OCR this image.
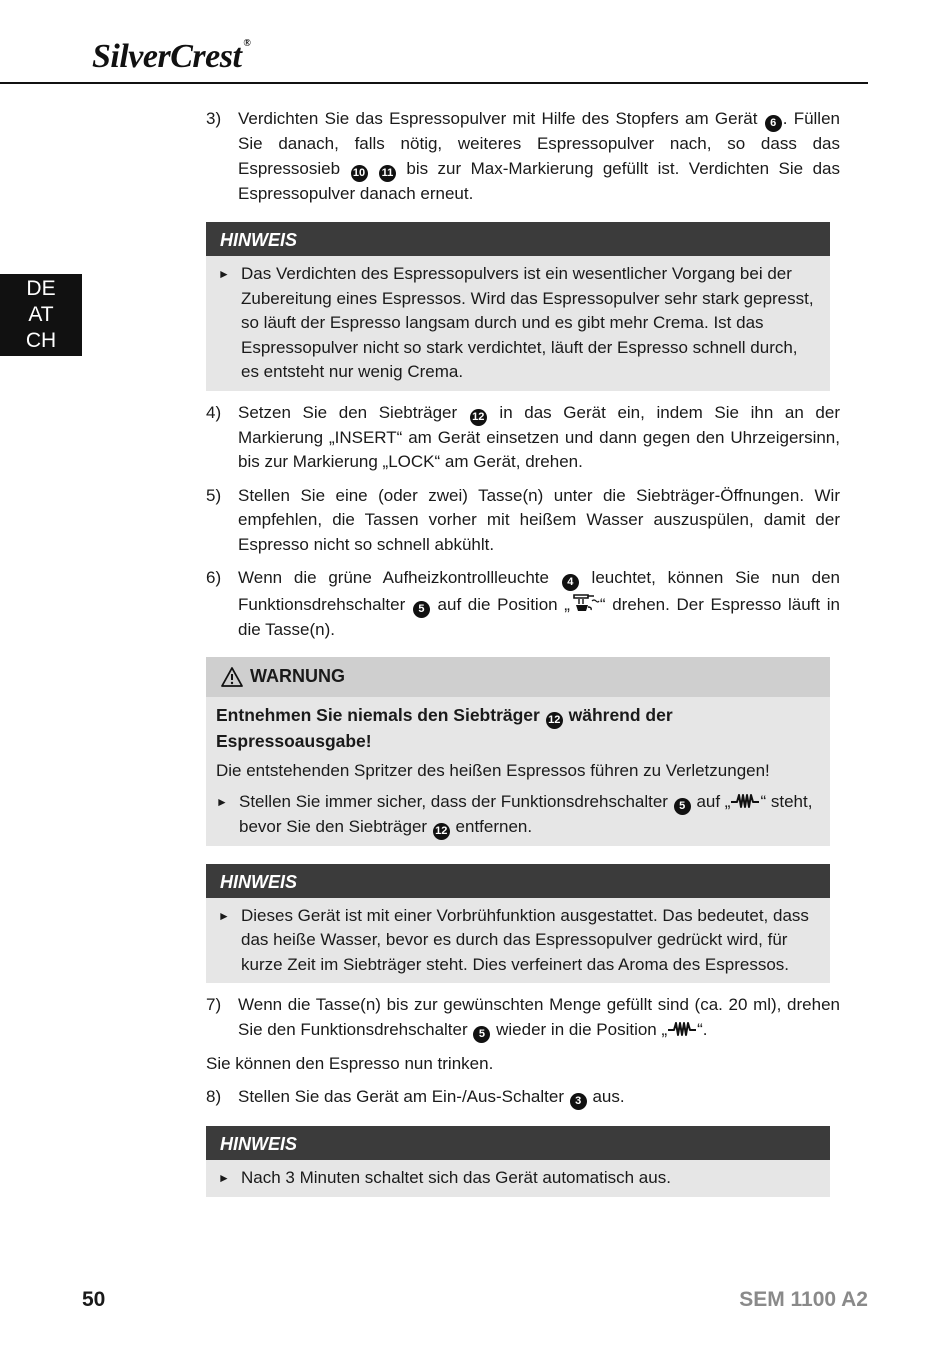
SilverCrest ®
DE
AT
CH
3) Verdichten Sie das Espressopulver mit Hilfe des Stopfers am Gerät 6 . Füllen Sie danach, falls nötig, weiteres Espressopulver nach, so dass das Espressosieb 10 11 bis zur Max-Markierung gefüllt ist. Verdichten Sie das Espressopulver danach erneut.
HINWEIS
► Das Verdichten des Espressopulvers ist ein wesentlicher Vorgang bei der Zubereitung eines Espressos. Wird das Espressopulver sehr stark gepresst, so läuft der Espresso langsam durch und es gibt mehr Crema. Ist das Espressopulver nicht so stark verdichtet, läuft der Espresso schnell durch, es entsteht nur wenig Crema.
4) Setzen Sie den Siebträger 12 in das Gerät ein, indem Sie ihn an der Markierung „INSERT“ am Gerät einsetzen und dann gegen den Uhrzeigersinn, bis zur Markierung „LOCK“ am Gerät, drehen.
5) Stellen Sie eine (oder zwei) Tasse(n) unter die Siebträger-Öffnungen. Wir empfehlen, die Tassen vorher mit heißem Wasser auszuspülen, damit der Espresso nicht so schnell abkühlt.
6) Wenn die grüne Aufheizkontrollleuchte 4 leuchtet, können Sie nun den Funktionsdrehschalter 5 auf die Position „ “ drehen. Der Espresso läuft in die Tasse(n).
WARNUNG
Entnehmen Sie niemals den Siebträger 12 während der Espressoausgabe!
Die entstehenden Spritzer des heißen Espressos führen zu Verletzungen!
► Stellen Sie immer sicher, dass der Funktionsdrehschalter 5 auf „ “ steht, bevor Sie den Siebträger 12 entfernen.
HINWEIS
► Dieses Gerät ist mit einer Vorbrühfunktion ausgestattet. Das bedeutet, dass das heiße Wasser, bevor es durch das Espressopulver gedrückt wird, für kurze Zeit im Siebträger steht. Dies verfeinert das Aroma des Espressos.
7) Wenn die Tasse(n) bis zur gewünschten Menge gefüllt sind (ca. 20 ml), drehen Sie den Funktionsdrehschalter 5 wieder in die Position „ “.
Sie können den Espresso nun trinken.
8) Stellen Sie das Gerät am Ein-/Aus-Schalter 3 aus.
HINWEIS
► Nach 3 Minuten schaltet sich das Gerät automatisch aus.
50	SEM 1100 A2
